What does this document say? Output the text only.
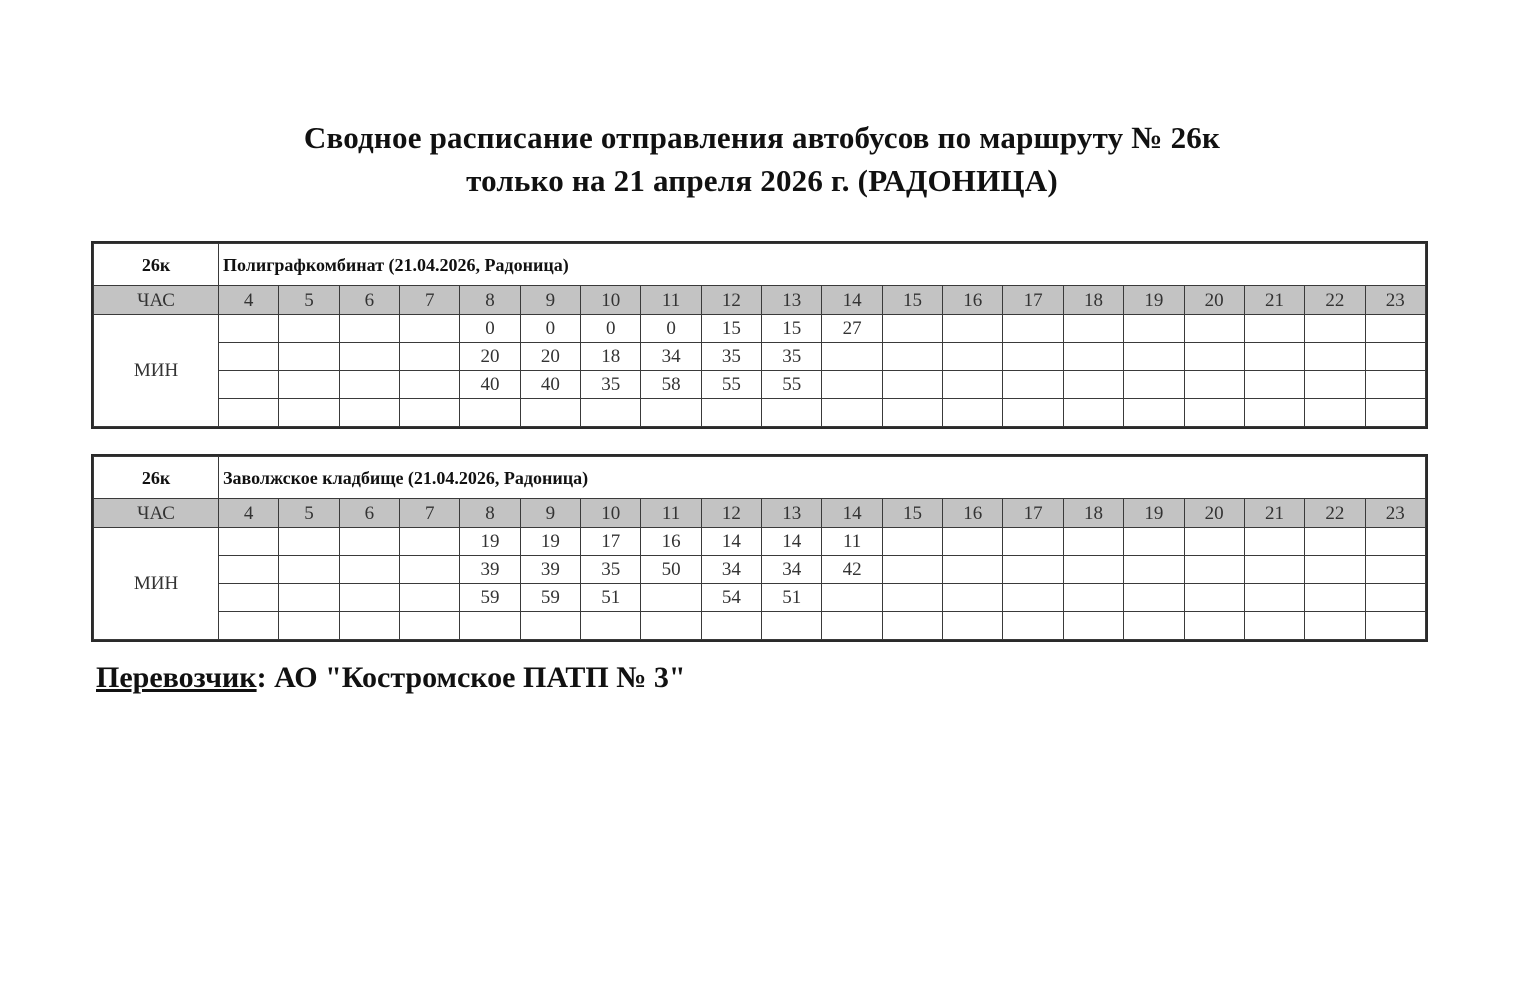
Сводное расписание отправления автобусов по маршруту № 26к
только на 21 апреля 2026 г. (РАДОНИЦА)
26к	Полиграфкомбинат (21.04.2026, Радоница)																			
ЧАС	4	5	6	7	8	9	10	11	12	13	14	15	16	17	18	19	20	21	22	23
МИН					0	0	0	0	15	15	27									
					20	20	18	34	35	35										
					40	40	35	58	55	55										

26к	Заволжское кладбище (21.04.2026, Радоница)																			
ЧАС	4	5	6	7	8	9	10	11	12	13	14	15	16	17	18	19	20	21	22	23
МИН					19	19	17	16	14	14	11									
					39	39	35	50	34	34	42									
					59	59	51		54	51										

Перевозчик: АО "Костромское ПАТП № 3"
